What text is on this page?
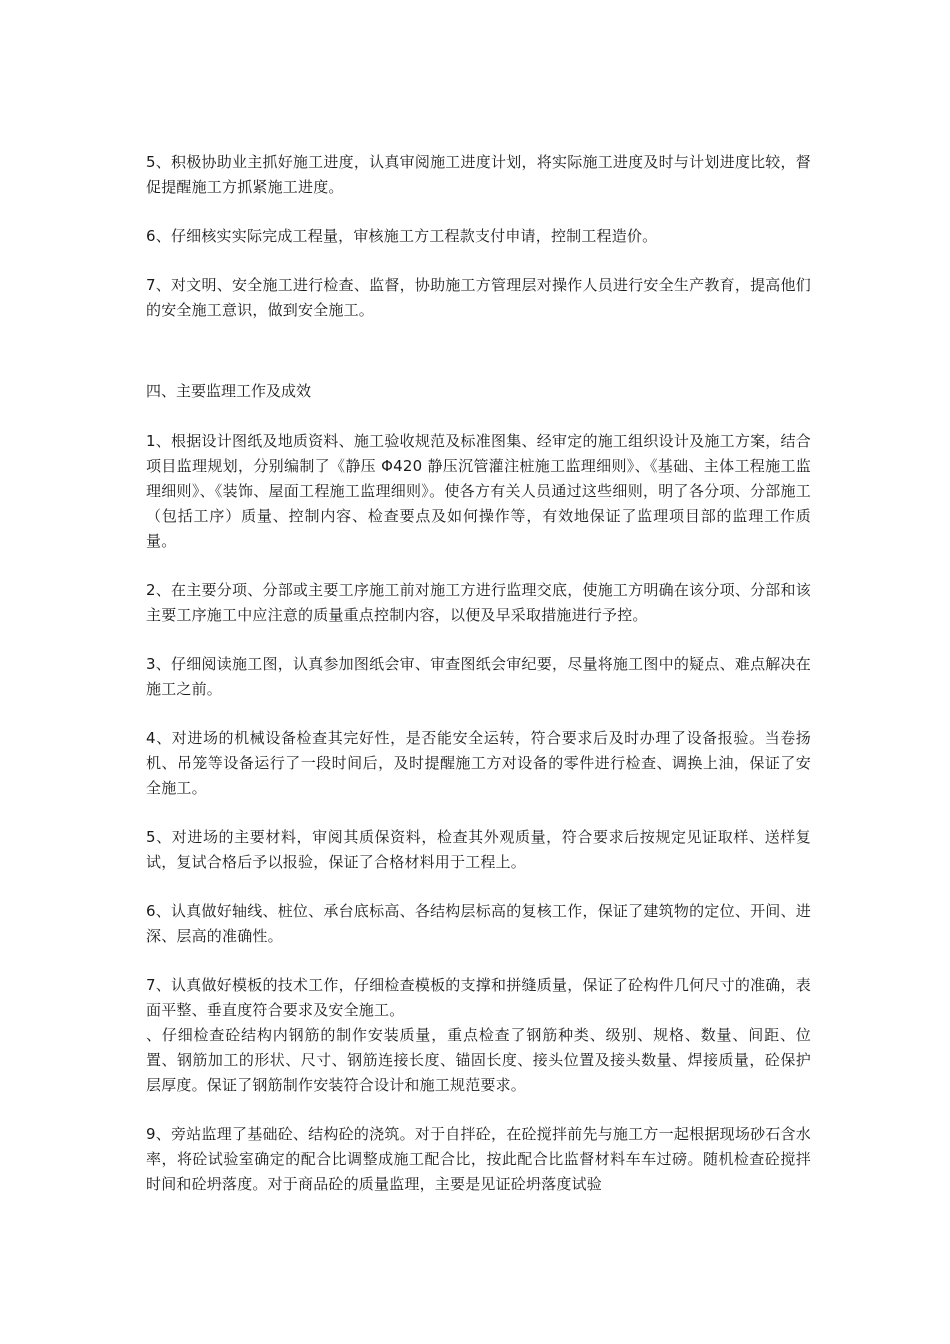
5、积极协助业主抓好施工进度，认真审阅施工进度计划，将实际施工进度及时与计划进度比较，督促提醒施工方抓紧施工进度。

6、仔细核实实际完成工程量，审核施工方工程款支付申请，控制工程造价。

7、对文明、安全施工进行检查、监督，协助施工方管理层对操作人员进行安全生产教育，提高他们的安全施工意识，做到安全施工。

四、主要监理工作及成效

1、根据设计图纸及地质资料、施工验收规范及标准图集、经审定的施工组织设计及施工方案，结合项目监理规划，分别编制了《静压 Φ420 静压沉管灌注桩施工监理细则》、《基础、主体工程施工监理细则》、《装饰、屋面工程施工监理细则》。使各方有关人员通过这些细则，明了各分项、分部施工（包括工序）质量、控制内容、检查要点及如何操作等，有效地保证了监理项目部的监理工作质量。

2、在主要分项、分部或主要工序施工前对施工方进行监理交底，使施工方明确在该分项、分部和该主要工序施工中应注意的质量重点控制内容，以便及早采取措施进行予控。

3、仔细阅读施工图，认真参加图纸会审、审查图纸会审纪要，尽量将施工图中的疑点、难点解决在施工之前。

4、对进场的机械设备检查其完好性，是否能安全运转，符合要求后及时办理了设备报验。当卷扬机、吊笼等设备运行了一段时间后，及时提醒施工方对设备的零件进行检查、调换上油，保证了安全施工。

5、对进场的主要材料，审阅其质保资料，检查其外观质量，符合要求后按规定见证取样、送样复试，复试合格后予以报验，保证了合格材料用于工程上。

6、认真做好轴线、桩位、承台底标高、各结构层标高的复核工作，保证了建筑物的定位、开间、进深、层高的准确性。

7、认真做好模板的技术工作，仔细检查模板的支撑和拼缝质量，保证了砼构件几何尺寸的准确，表面平整、垂直度符合要求及安全施工。

、仔细检查砼结构内钢筋的制作安装质量，重点检查了钢筋种类、级别、规格、数量、间距、位置、钢筋加工的形状、尺寸、钢筋连接长度、锚固长度、接头位置及接头数量、焊接质量，砼保护层厚度。保证了钢筋制作安装符合设计和施工规范要求。

9、旁站监理了基础砼、结构砼的浇筑。对于自拌砼，在砼搅拌前先与施工方一起根据现场砂石含水率，将砼试验室确定的配合比调整成施工配合比，按此配合比监督材料车车过磅。随机检查砼搅拌时间和砼坍落度。对于商品砼的质量监理，主要是见证砼坍落度试验
